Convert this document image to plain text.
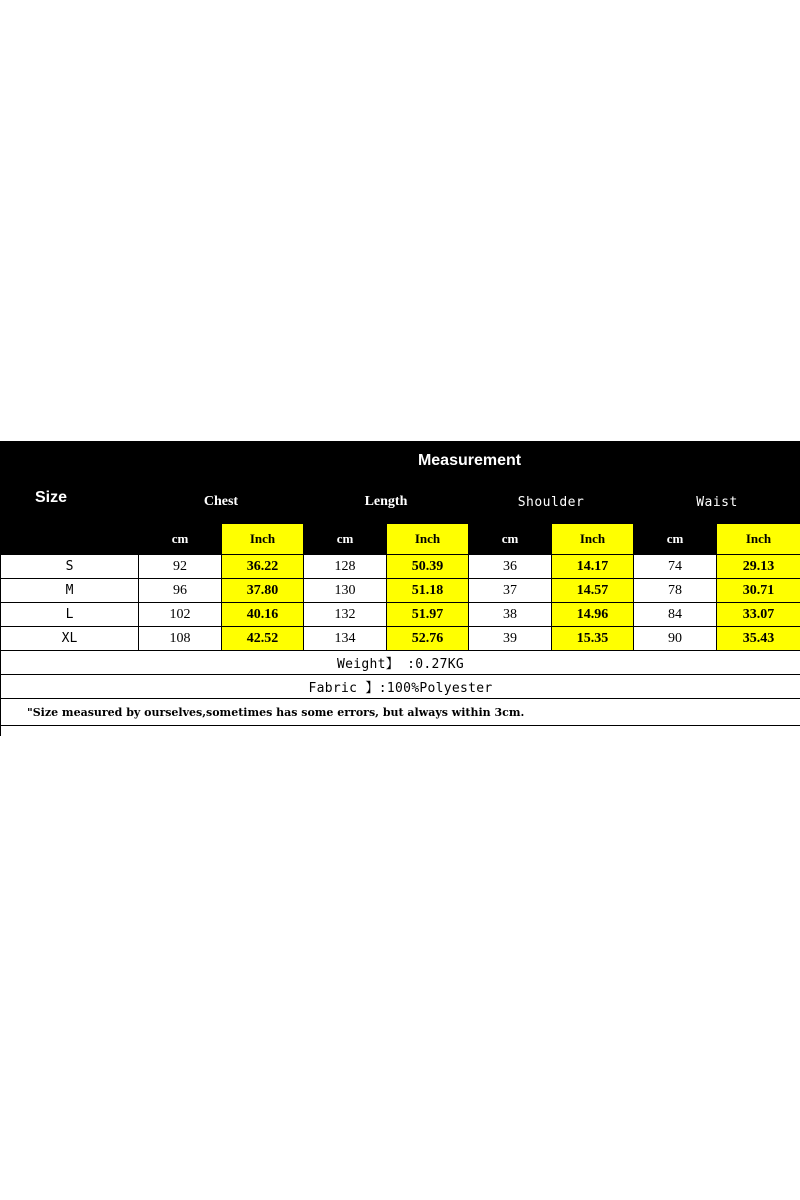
Size	Measurement							
	Chest		Length		Shoulder		Waist	
	cm	Inch	cm	Inch	cm	Inch	cm	Inch
S	92	36.22	128	50.39	36	14.17	74	29.13
M	96	37.80	130	51.18	37	14.57	78	30.71
L	102	40.16	132	51.97	38	14.96	84	33.07
XL	108	42.52	134	52.76	39	15.35	90	35.43
Weight】 :0.27KG								
Fabric 】:100%Polyester								
"Size measured by ourselves,sometimes has some errors, but always within 3cm.								
